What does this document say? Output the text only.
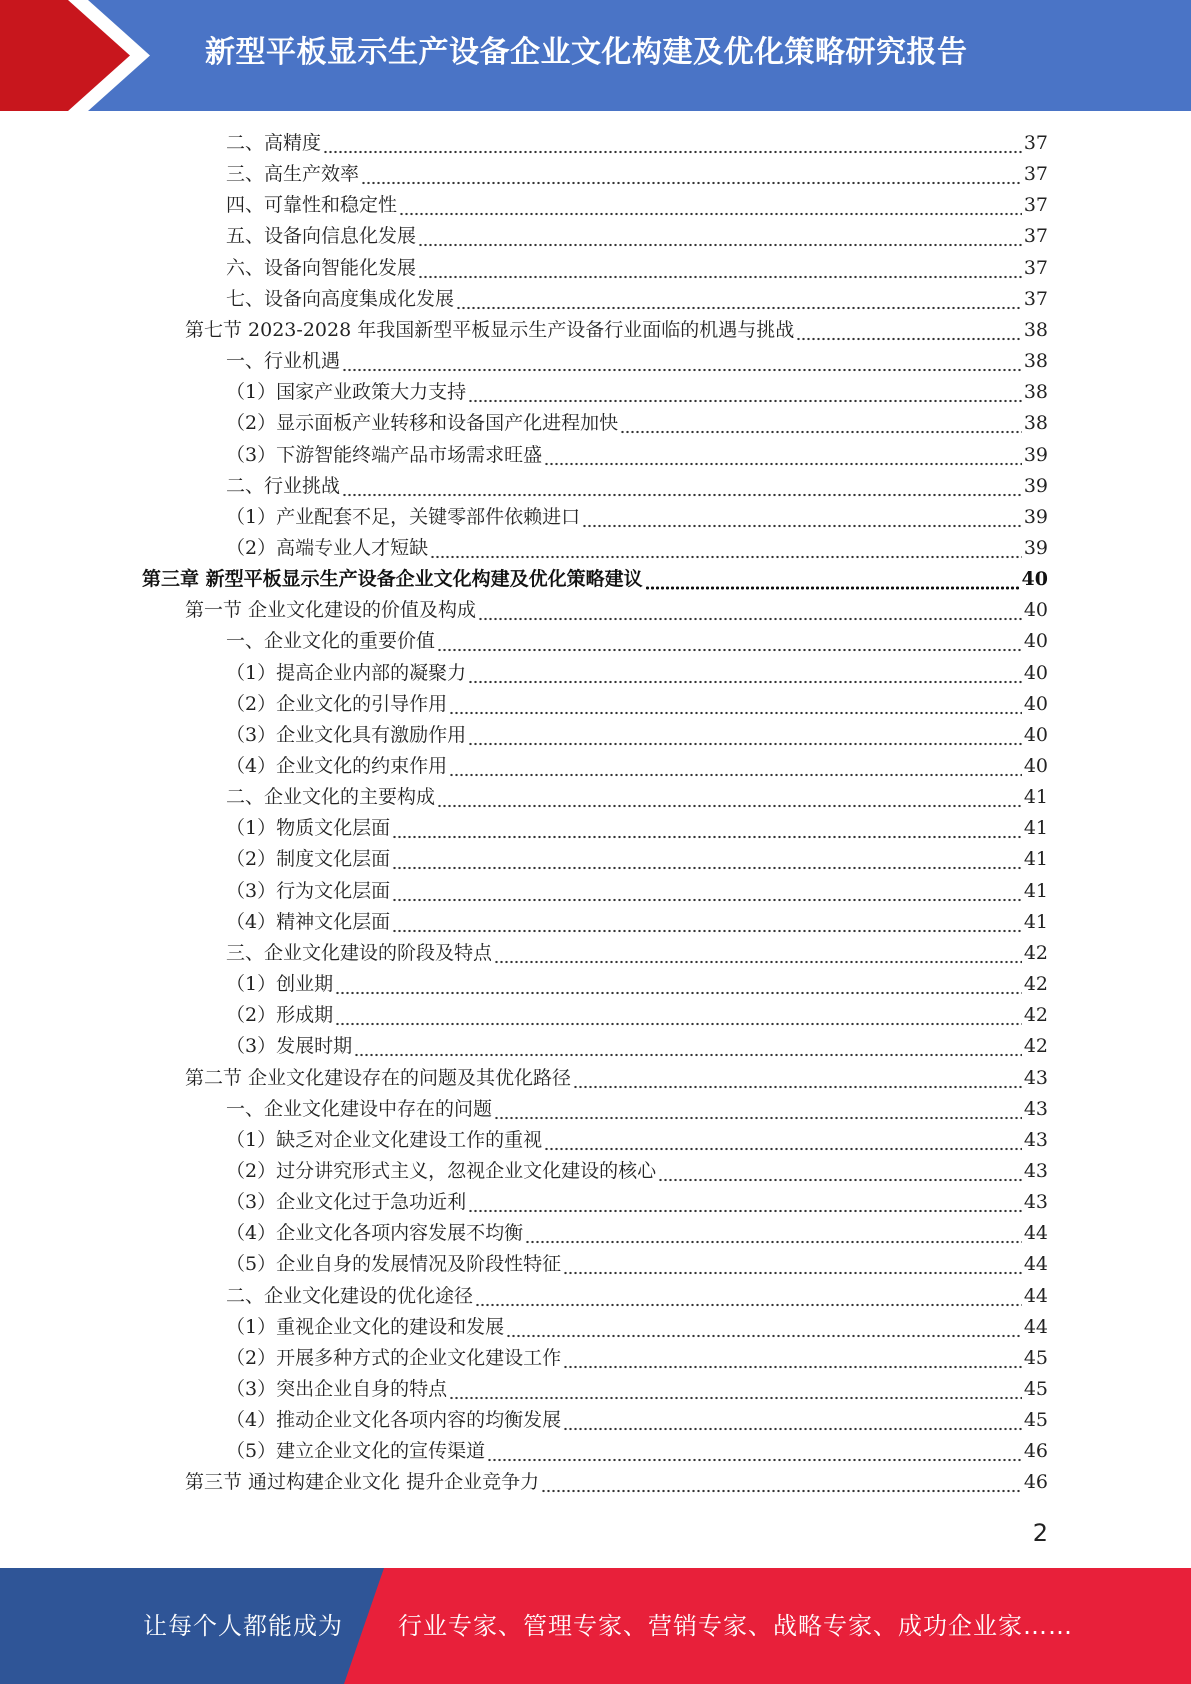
新型平板显示生产设备企业文化构建及优化策略研究报告
二、高精度	37
三、高生产效率	37
四、可靠性和稳定性	37
五、设备向信息化发展	37
六、设备向智能化发展	37
七、设备向高度集成化发展	37
第七节 2023-2028 年我国新型平板显示生产设备行业面临的机遇与挑战	38
一、行业机遇	38
（1）国家产业政策大力支持	38
（2）显示面板产业转移和设备国产化进程加快	38
（3）下游智能终端产品市场需求旺盛	39
二、行业挑战	39
（1）产业配套不足，关键零部件依赖进口	39
（2）高端专业人才短缺	39
第三章 新型平板显示生产设备企业文化构建及优化策略建议	40
第一节 企业文化建设的价值及构成	40
一、企业文化的重要价值	40
（1）提高企业内部的凝聚力	40
（2）企业文化的引导作用	40
（3）企业文化具有激励作用	40
（4）企业文化的约束作用	40
二、企业文化的主要构成	41
（1）物质文化层面	41
（2）制度文化层面	41
（3）行为文化层面	41
（4）精神文化层面	41
三、企业文化建设的阶段及特点	42
（1）创业期	42
（2）形成期	42
（3）发展时期	42
第二节 企业文化建设存在的问题及其优化路径	43
一、企业文化建设中存在的问题	43
（1）缺乏对企业文化建设工作的重视	43
（2）过分讲究形式主义，忽视企业文化建设的核心	43
（3）企业文化过于急功近利	43
（4）企业文化各项内容发展不均衡	44
（5）企业自身的发展情况及阶段性特征	44
二、企业文化建设的优化途径	44
（1）重视企业文化的建设和发展	44
（2）开展多种方式的企业文化建设工作	45
（3）突出企业自身的特点	45
（4）推动企业文化各项内容的均衡发展	45
（5）建立企业文化的宣传渠道	46
第三节 通过构建企业文化 提升企业竞争力	46
2
让每个人都能成为 行业专家、管理专家、营销专家、战略专家、成功企业家……
